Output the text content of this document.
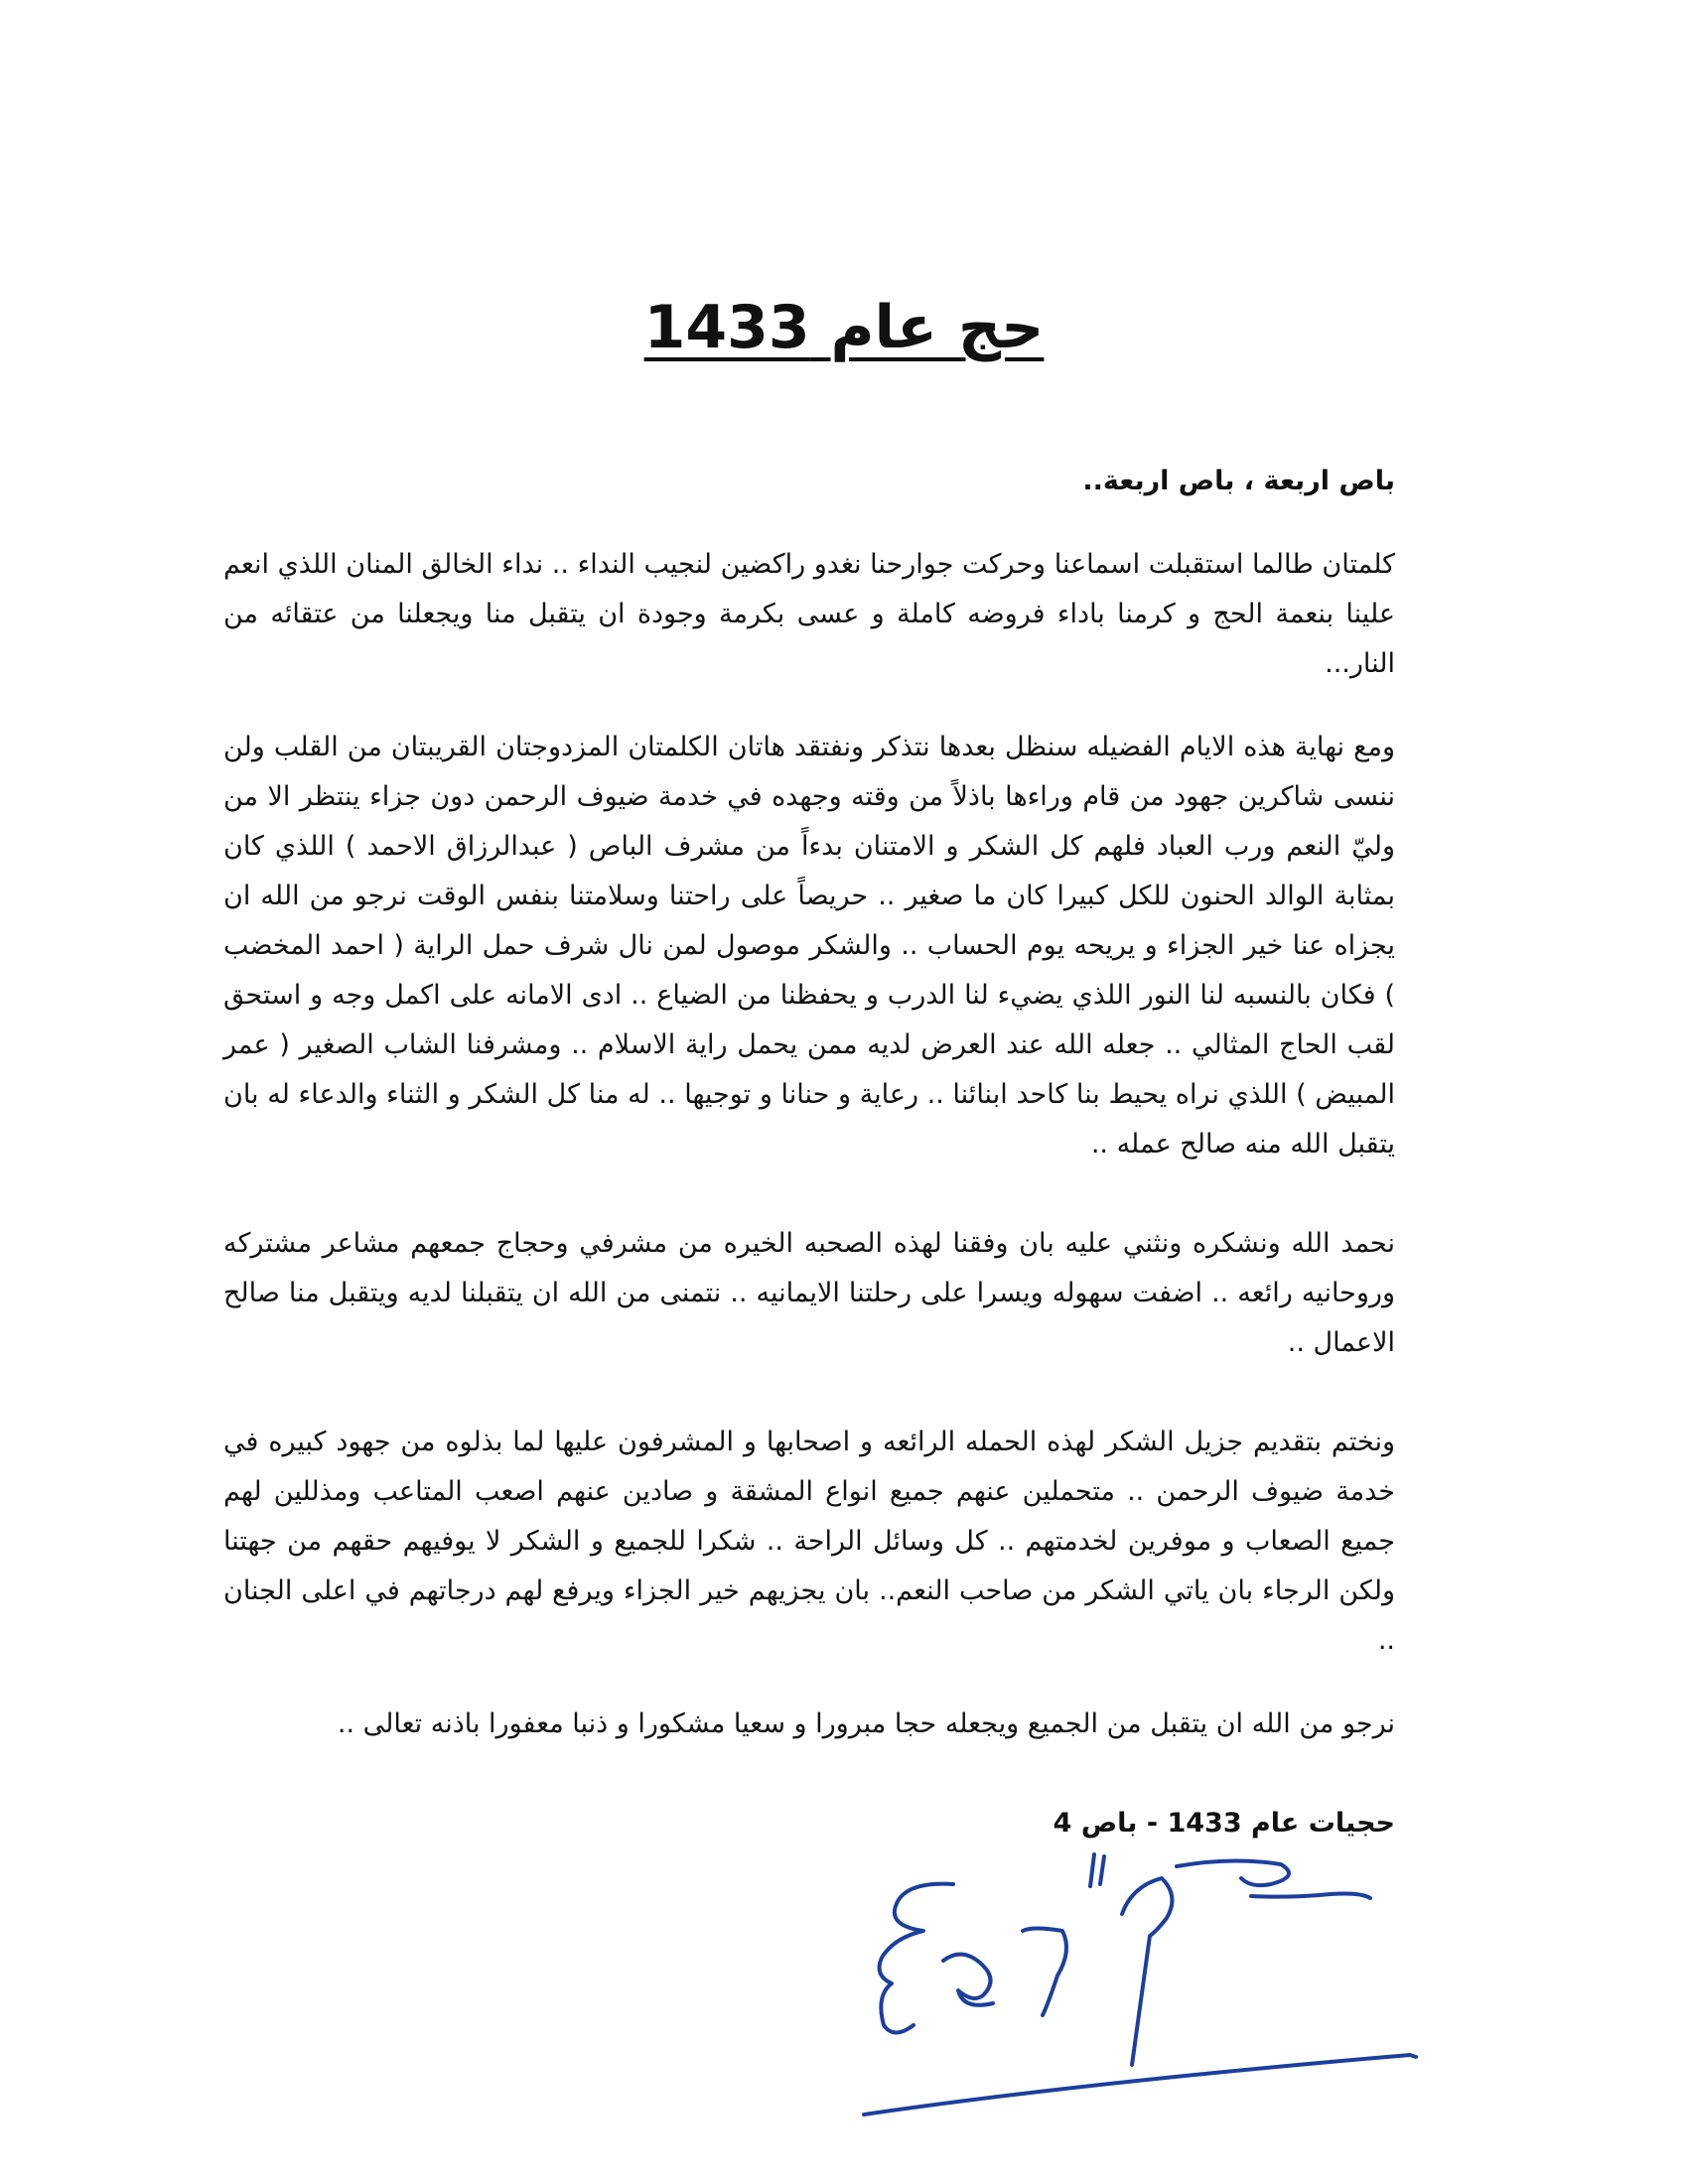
حج عام 1433

باص اربعة ، باص اربعة..

كلمتان طالما استقبلت اسماعنا وحركت جوارحنا نغدو راكضين لنجيب النداء .. نداء الخالق المنان اللذي انعم علينا بنعمة الحج و كرمنا باداء فروضه كاملة و عسى بكرمة وجودة ان يتقبل منا ويجعلنا من عتقائه من النار...

ومع نهاية هذه الايام الفضيله سنظل بعدها نتذكر ونفتقد هاتان الكلمتان المزدوجتان القريبتان من القلب ولن ننسى شاكرين جهود من قام وراءها باذلاً من وقته وجهده في خدمة ضيوف الرحمن دون جزاء ينتظر الا من وليّ النعم ورب العباد فلهم كل الشكر و الامتنان بدءاً من مشرف الباص ( عبدالرزاق الاحمد ) اللذي كان بمثابة الوالد الحنون للكل كبيرا كان ما صغير .. حريصاً على راحتنا وسلامتنا بنفس الوقت نرجو من الله ان يجزاه عنا خير الجزاء و يريحه يوم الحساب .. والشكر موصول لمن نال شرف حمل الراية ( احمد المخضب ) فكان بالنسبه لنا النور اللذي يضيء لنا الدرب و يحفظنا من الضياع .. ادى الامانه على اكمل وجه و استحق لقب الحاج المثالي .. جعله الله عند العرض لديه ممن يحمل راية الاسلام .. ومشرفنا الشاب الصغير ( عمر المبيض ) اللذي نراه يحيط بنا كاحد ابنائنا .. رعاية و حنانا و توجيها .. له منا كل الشكر و الثناء والدعاء له بان يتقبل الله منه صالح عمله ..

نحمد الله ونشكره ونثني عليه بان وفقنا لهذه الصحبه الخيره من مشرفي وحجاج جمعهم مشاعر مشتركه وروحانيه رائعه .. اضفت سهوله ويسرا على رحلتنا الايمانيه .. نتمنى من الله ان يتقبلنا لديه ويتقبل منا صالح الاعمال ..

ونختم بتقديم جزيل الشكر لهذه الحمله الرائعه و اصحابها و المشرفون عليها لما بذلوه من جهود كبيره في خدمة ضيوف الرحمن .. متحملين عنهم جميع انواع المشقة و صادين عنهم اصعب المتاعب ومذللين لهم جميع الصعاب و موفرين لخدمتهم .. كل وسائل الراحة .. شكرا للجميع و الشكر لا يوفيهم حقهم من جهتنا ولكن الرجاء بان ياتي الشكر من صاحب النعم.. بان يجزيهم خير الجزاء ويرفع لهم درجاتهم في اعلى الجنان ..

نرجو من الله ان يتقبل من الجميع ويجعله حجا مبرورا و سعيا مشكورا و ذنبا معفورا باذنه تعالى ..

حجيات عام 1433 - باص 4
